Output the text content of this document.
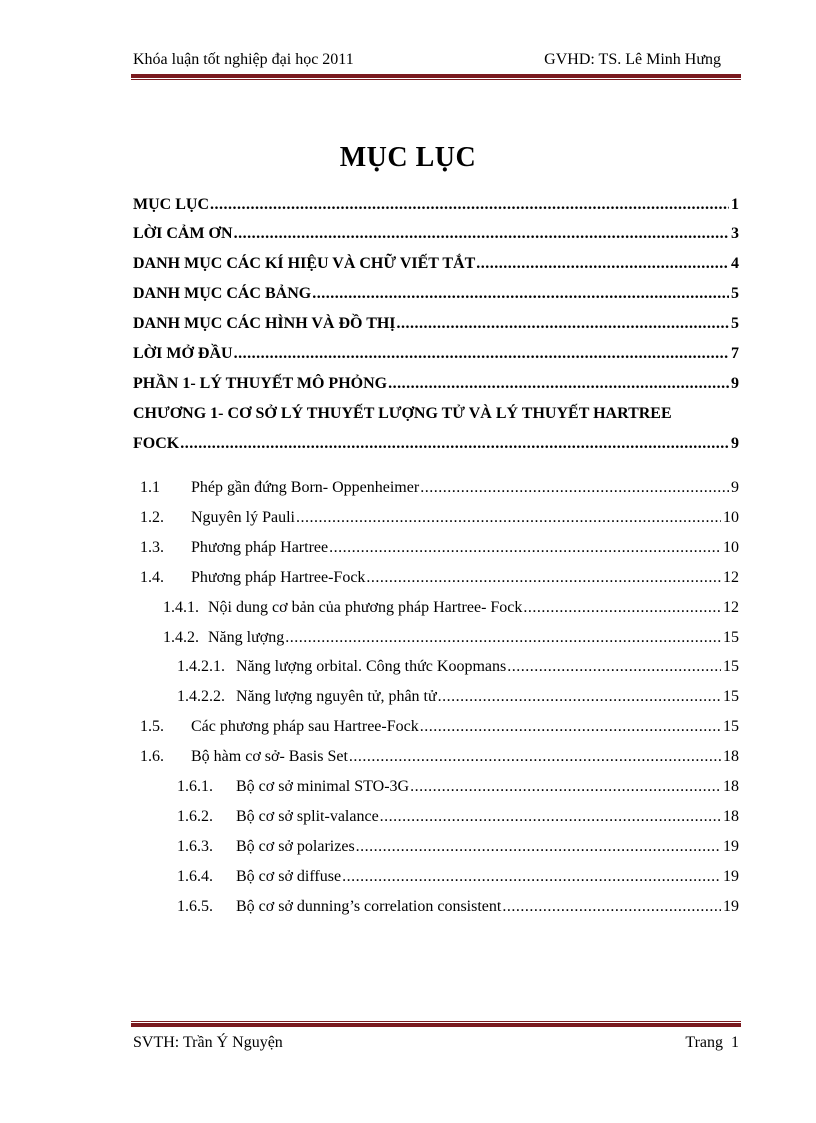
Khóa luận tốt nghiệp đại học 2011	GVHD: TS. Lê Minh Hưng
MỤC LỤC
MỤC LỤC .....	1
LỜI CẢM ƠN .....	3
DANH MỤC CÁC KÍ HIỆU VÀ CHỮ VIẾT TẮT .....	4
DANH MỤC CÁC BẢNG .....	5
DANH MỤC CÁC HÌNH VÀ ĐỒ THỊ .....	5
LỜI MỞ ĐẦU .....	7
PHẦN 1- LÝ THUYẾT MÔ PHỎNG .....	9
CHƯƠNG 1- CƠ SỞ LÝ THUYẾT LƯỢNG TỬ VÀ LÝ THUYẾT HARTREE
FOCK .....	9
1.1	Phép gần đứng Born- Oppenheimer .....	9
1.2.	Nguyên lý Pauli .....	10
1.3.	Phương pháp Hartree .....	10
1.4.	Phương pháp Hartree-Fock .....	12
1.4.1. Nội dung cơ bản của phương pháp Hartree- Fock .....	12
1.4.2. Năng lượng .....	15
1.4.2.1. Năng lượng orbital. Công thức Koopmans .....	15
1.4.2.2. Năng lượng nguyên tử, phân tử .....	15
1.5.	Các phương pháp sau Hartree-Fock .....	15
1.6.	Bộ hàm cơ sở- Basis Set .....	18
1.6.1.	Bộ cơ sở minimal STO-3G .....	18
1.6.2.	Bộ cơ sở split-valance .....	18
1.6.3.	Bộ cơ sở polarizes .....	19
1.6.4.	Bộ cơ sở diffuse .....	19
1.6.5.	Bộ cơ sở dunning’s correlation consistent .....	19
SVTH: Trần Ý Nguyện	Trang 1
